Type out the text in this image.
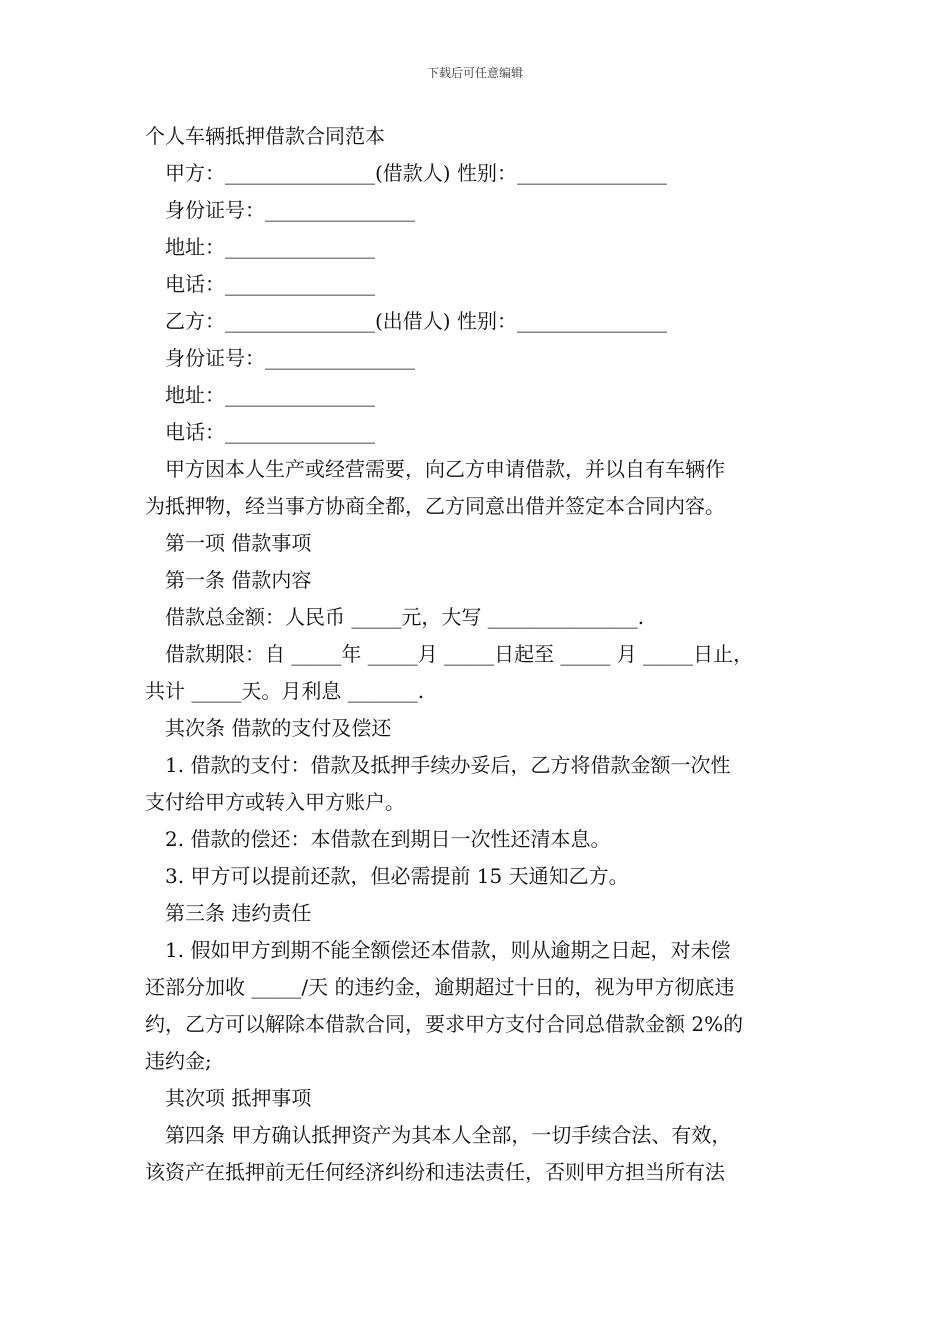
下载后可任意编辑
个人车辆抵押借款合同范本
甲方：_______________(借款人) 性别：_______________
身份证号：_______________
地址：_______________
电话：_______________
乙方：_______________(出借人) 性别：_______________
身份证号：_______________
地址：_______________
电话：_______________
甲方因本人生产或经营需要，向乙方申请借款，并以自有车辆作
为抵押物，经当事方协商全都，乙方同意出借并签定本合同内容。
第一项 借款事项
第一条 借款内容
借款总金额：人民币 _____元，大写 _______________.
借款期限：自 _____年 _____月 _____日起至 _____ 月 _____日止，
共计 _____天。月利息 _______.
其次条 借款的支付及偿还
1. 借款的支付：借款及抵押手续办妥后，乙方将借款金额一次性
支付给甲方或转入甲方账户。
2. 借款的偿还：本借款在到期日一次性还清本息。
3. 甲方可以提前还款，但必需提前 15 天通知乙方。
第三条 违约责任
1. 假如甲方到期不能全额偿还本借款，则从逾期之日起，对未偿
还部分加收 _____/天 的违约金，逾期超过十日的，视为甲方彻底违
约，乙方可以解除本借款合同，要求甲方支付合同总借款金额 2%的
违约金;
其次项 抵押事项
第四条 甲方确认抵押资产为其本人全部，一切手续合法、有效，
该资产在抵押前无任何经济纠纷和违法责任，否则甲方担当所有法
